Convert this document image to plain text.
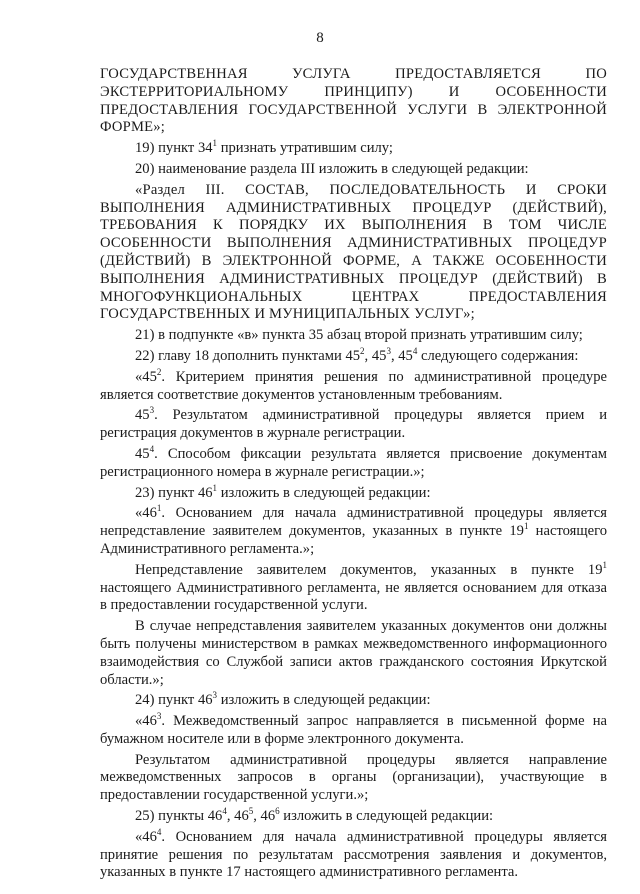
8

ГОСУДАРСТВЕННАЯ УСЛУГА ПРЕДОСТАВЛЯЕТСЯ ПО ЭКСТЕРРИТОРИАЛЬНОМУ ПРИНЦИПУ) И ОСОБЕННОСТИ ПРЕДОСТАВЛЕНИЯ ГОСУДАРСТВЕННОЙ УСЛУГИ В ЭЛЕКТРОННОЙ ФОРМЕ»;

19) пункт $34^1$ признать утратившим силу;

20) наименование раздела III изложить в следующей редакции:

«Раздел III. СОСТАВ, ПОСЛЕДОВАТЕЛЬНОСТЬ И СРОКИ ВЫПОЛНЕНИЯ АДМИНИСТРАТИВНЫХ ПРОЦЕДУР (ДЕЙСТВИЙ), ТРЕБОВАНИЯ К ПОРЯДКУ ИХ ВЫПОЛНЕНИЯ В ТОМ ЧИСЛЕ ОСОБЕННОСТИ ВЫПОЛНЕНИЯ АДМИНИСТРАТИВНЫХ ПРОЦЕДУР (ДЕЙСТВИЙ) В ЭЛЕКТРОННОЙ ФОРМЕ, А ТАКЖЕ ОСОБЕННОСТИ ВЫПОЛНЕНИЯ АДМИНИСТРАТИВНЫХ ПРОЦЕДУР (ДЕЙСТВИЙ) В МНОГОФУНКЦИОНАЛЬНЫХ ЦЕНТРАХ ПРЕДОСТАВЛЕНИЯ ГОСУДАРСТВЕННЫХ И МУНИЦИПАЛЬНЫХ УСЛУГ»;

21) в подпункте «в» пункта 35 абзац второй признать утратившим силу;

22) главу 18 дополнить пунктами $45^2$, $45^3$, $45^4$ следующего содержания:

«$45^2$. Критерием принятия решения по административной процедуре является соответствие документов установленным требованиям.

$45^3$. Результатом административной процедуры является прием и регистрация документов в журнале регистрации.

$45^4$. Способом фиксации результата является присвоение документам регистрационного номера в журнале регистрации.»;

23) пункт $46^1$ изложить в следующей редакции:

«$46^1$. Основанием для начала административной процедуры является непредставление заявителем документов, указанных в пункте $19^1$ настоящего Административного регламента.»;

Непредставление заявителем документов, указанных в пункте $19^1$ настоящего Административного регламента, не является основанием для отказа в предоставлении государственной услуги.

В случае непредставления заявителем указанных документов они должны быть получены министерством в рамках межведомственного информационного взаимодействия со Службой записи актов гражданского состояния Иркутской области.»;

24) пункт $46^3$ изложить в следующей редакции:

«$46^3$. Межведомственный запрос направляется в письменной форме на бумажном носителе или в форме электронного документа.

Результатом административной процедуры является направление межведомственных запросов в органы (организации), участвующие в предоставлении государственной услуги.»;

25) пункты $46^4$, $46^5$, $46^6$ изложить в следующей редакции:

«$46^4$. Основанием для начала административной процедуры является принятие решения по результатам рассмотрения заявления и документов, указанных в пункте 17 настоящего административного регламента.
